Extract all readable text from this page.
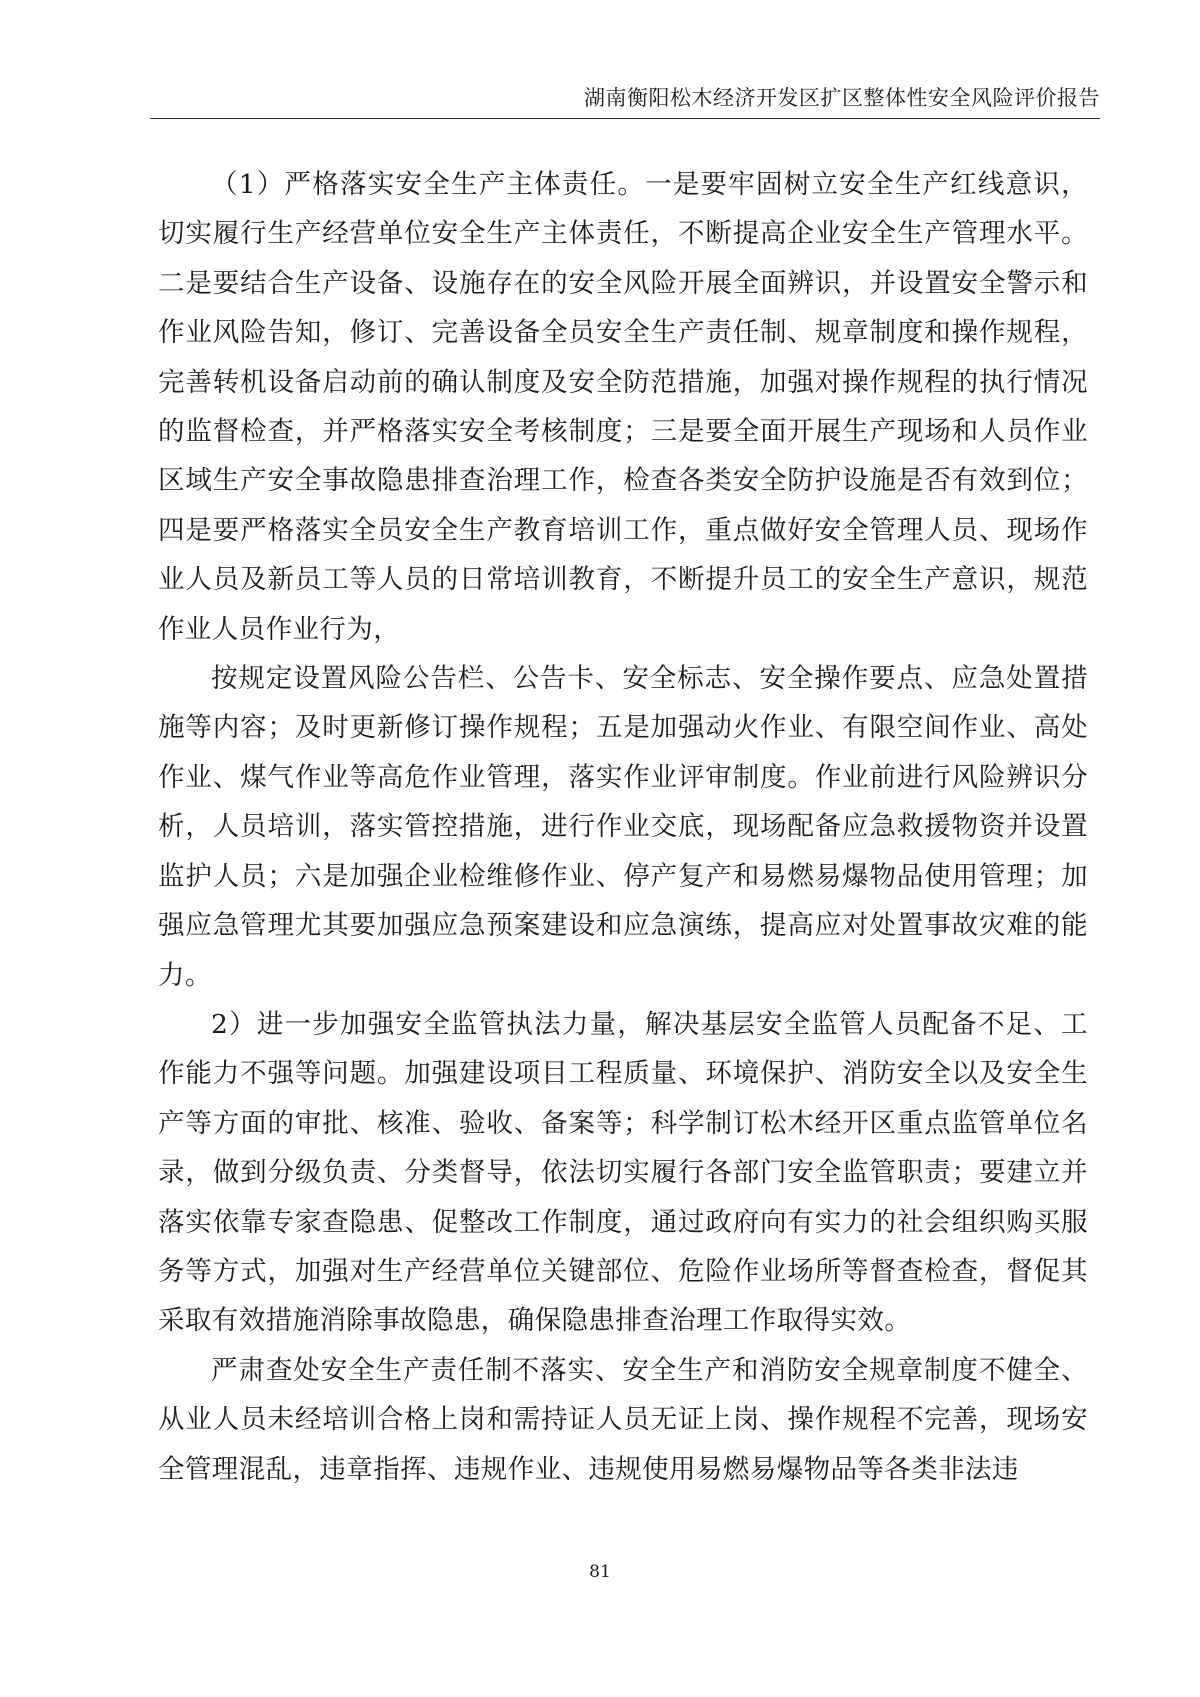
湖南衡阳松木经济开发区扩区整体性安全风险评价报告

（1）严格落实安全生产主体责任。一是要牢固树立安全生产红线意识，切实履行生产经营单位安全生产主体责任，不断提高企业安全生产管理水平。二是要结合生产设备、设施存在的安全风险开展全面辨识，并设置安全警示和作业风险告知，修订、完善设备全员安全生产责任制、规章制度和操作规程，完善转机设备启动前的确认制度及安全防范措施，加强对操作规程的执行情况的监督检查，并严格落实安全考核制度；三是要全面开展生产现场和人员作业区域生产安全事故隐患排查治理工作，检查各类安全防护设施是否有效到位；四是要严格落实全员安全生产教育培训工作，重点做好安全管理人员、现场作业人员及新员工等人员的日常培训教育，不断提升员工的安全生产意识，规范作业人员作业行为，

按规定设置风险公告栏、公告卡、安全标志、安全操作要点、应急处置措施等内容；及时更新修订操作规程；五是加强动火作业、有限空间作业、高处作业、煤气作业等高危作业管理，落实作业评审制度。作业前进行风险辨识分析，人员培训，落实管控措施，进行作业交底，现场配备应急救援物资并设置监护人员；六是加强企业检维修作业、停产复产和易燃易爆物品使用管理；加强应急管理尤其要加强应急预案建设和应急演练，提高应对处置事故灾难的能力。

2）进一步加强安全监管执法力量，解决基层安全监管人员配备不足、工作能力不强等问题。加强建设项目工程质量、环境保护、消防安全以及安全生产等方面的审批、核准、验收、备案等；科学制订松木经开区重点监管单位名录，做到分级负责、分类督导，依法切实履行各部门安全监管职责；要建立并落实依靠专家查隐患、促整改工作制度，通过政府向有实力的社会组织购买服务等方式，加强对生产经营单位关键部位、危险作业场所等督查检查，督促其采取有效措施消除事故隐患，确保隐患排查治理工作取得实效。

严肃查处安全生产责任制不落实、安全生产和消防安全规章制度不健全、从业人员未经培训合格上岗和需持证人员无证上岗、操作规程不完善，现场安全管理混乱，违章指挥、违规作业、违规使用易燃易爆物品等各类非法违

81
